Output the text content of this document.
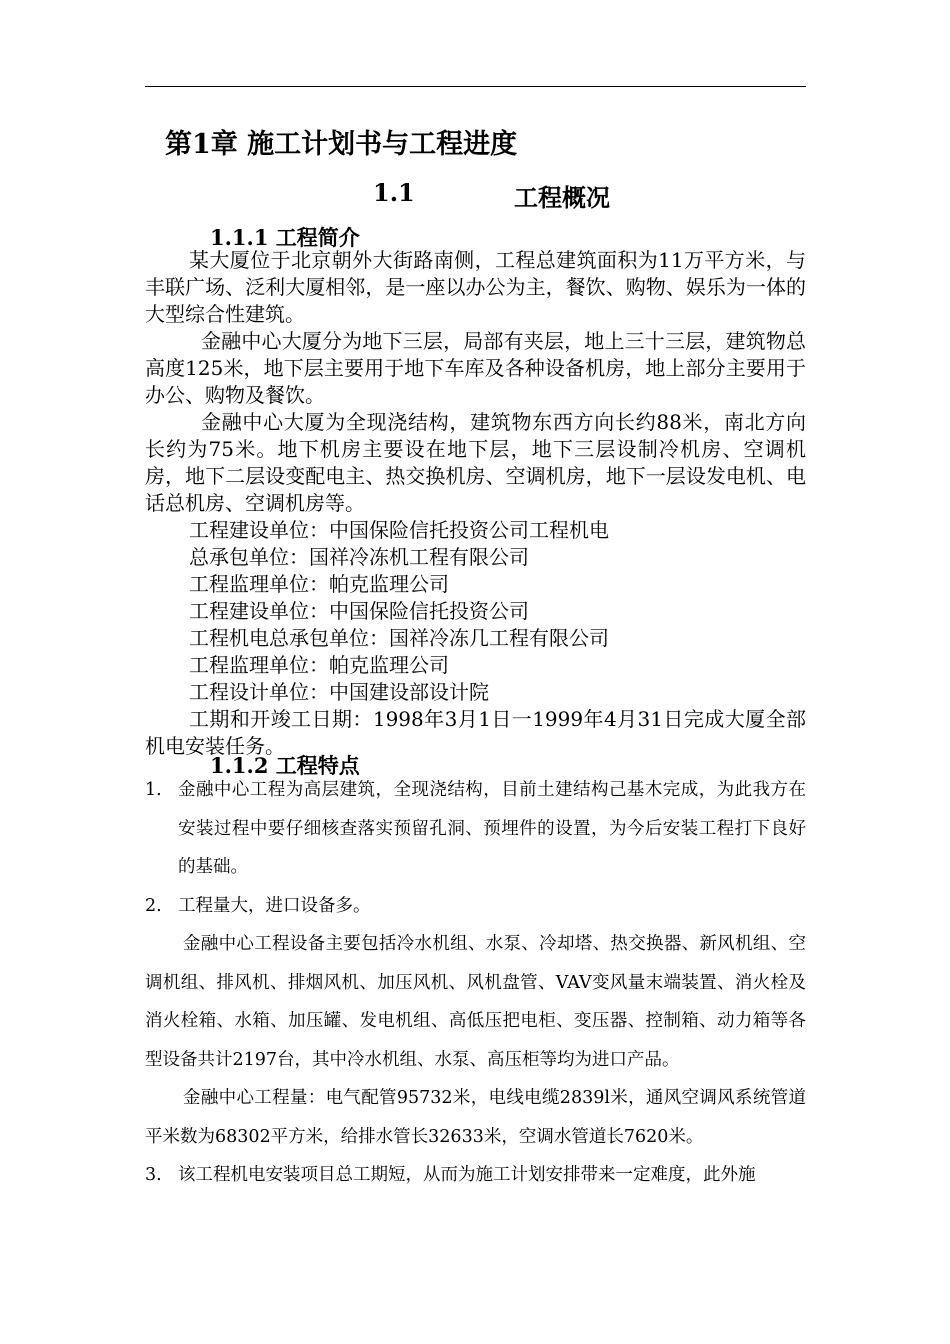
第1章 施工计划书与工程进度
1.1	工程概况
1.1.1 工程简介

某大厦位于北京朝外大街路南侧，工程总建筑面积为11万平方米，与丰联广场、泛利大厦相邻，是一座以办公为主，餐饮、购物、娱乐为一体的大型综合性建筑。

金融中心大厦分为地下三层，局部有夹层，地上三十三层，建筑物总高度125米，地下层主要用于地下车库及各种设备机房，地上部分主要用于办公、购物及餐饮。

金融中心大厦为全现浇结构，建筑物东西方向长约88米，南北方向长约为75米。地下机房主要设在地下层，地下三层设制冷机房、空调机房，地下二层设变配电主、热交换机房、空调机房，地下一层设发电机、电话总机房、空调机房等。

工程建设单位：中国保险信托投资公司工程机电

总承包单位：国祥冷冻机工程有限公司

工程监理单位：帕克监理公司

工程建设单位：中国保险信托投资公司

工程机电总承包单位：国祥冷冻几工程有限公司

工程监理单位：帕克监理公司

工程设计单位：中国建设部设计院

工期和开竣工日期：1998年3月1日一1999年4月31日完成大厦全部机电安装任务。

1.1.2 工程特点

1. 金融中心工程为高层建筑，全现浇结构，目前土建结构己基木完成，为此我方在安装过程中要仔细核查落实预留孔洞、预埋件的设置，为今后安装工程打下良好的基础。

2. 工程量大，进口设备多。

金融中心工程设备主要包括冷水机组、水泵、冷却塔、热交换器、新风机组、空调机组、排风机、排烟风机、加压风机、风机盘管、VAV变风量末端装置、消火栓及消火栓箱、水箱、加压罐、发电机组、高低压把电柜、变压器、控制箱、动力箱等各型设备共计2197台，其中冷水机组、水泵、高压柜等均为进口产品。

金融中心工程量：电气配管95732米，电线电缆2839l米，通风空调风系统管道平米数为68302平方米，给排水管长32633米，空调水管道长7620米。

3. 该工程机电安装项目总工期短，从而为施工计划安排带来一定难度，此外施
